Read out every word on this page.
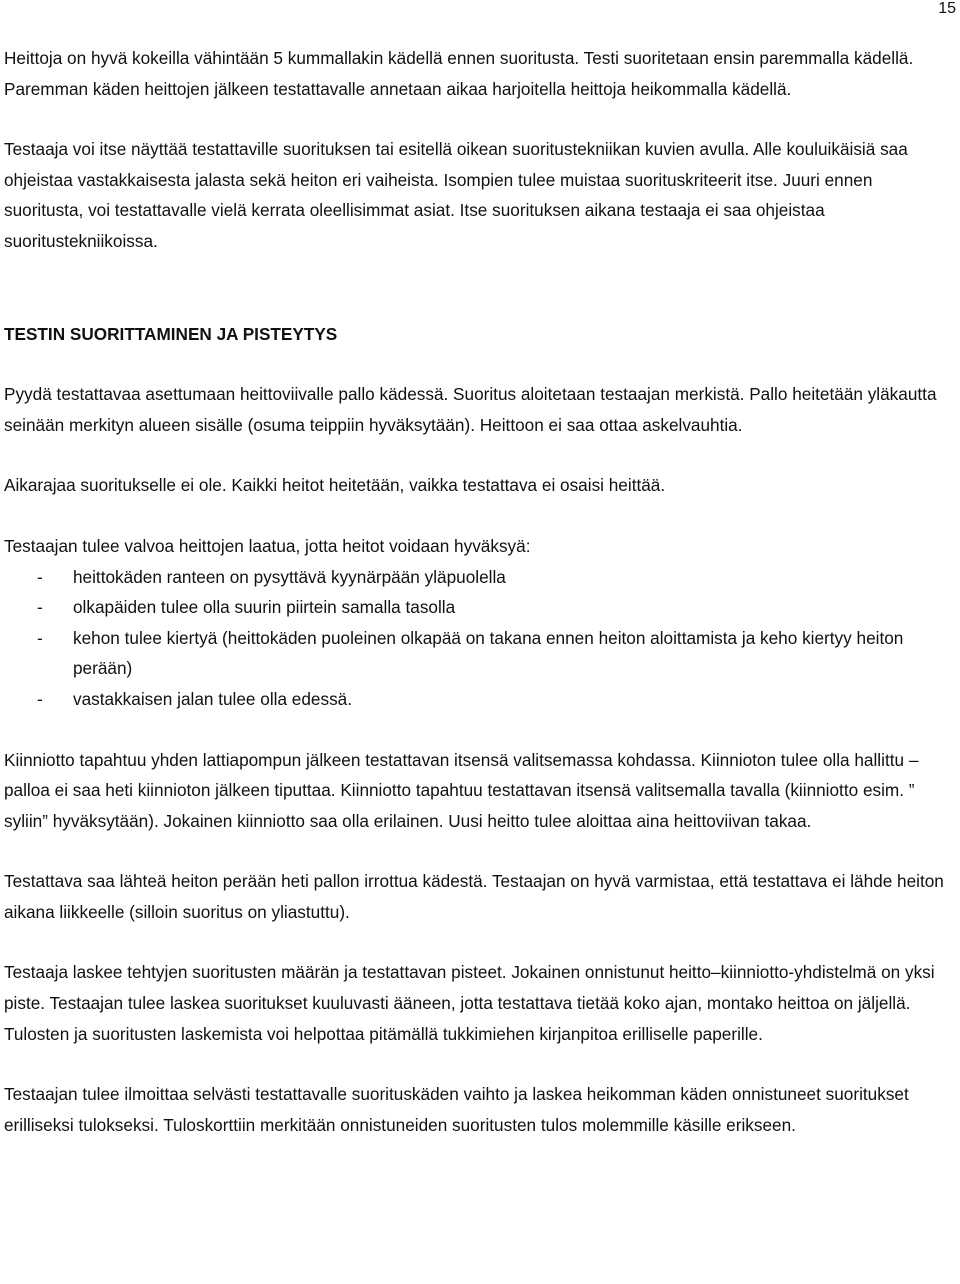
15

Heittoja on hyvä kokeilla vähintään 5 kummallakin kädellä ennen suoritusta. Testi suoritetaan ensin paremmalla kädellä. Paremman käden heittojen jälkeen testattavalle annetaan aikaa harjoitella heittoja heikommalla kädellä.

Testaaja voi itse näyttää testattaville suorituksen tai esitellä oikean suoritustekniikan kuvien avulla. Alle kouluikäisiä saa ohjeistaa vastakkaisesta jalasta sekä heiton eri vaiheista. Isompien tulee muistaa suorituskriteerit itse. Juuri ennen suoritusta, voi testattavalle vielä kerrata oleellisimmat asiat. Itse suorituksen aikana testaaja ei saa ohjeistaa suoritustekniikoissa.

TESTIN SUORITTAMINEN JA PISTEYTYS

Pyydä testattavaa asettumaan heittoviivalle pallo kädessä. Suoritus aloitetaan testaajan merkistä. Pallo heitetään yläkautta seinään merkityn alueen sisälle (osuma teippiin hyväksytään). Heittoon ei saa ottaa askelvauhtia.

Aikarajaa suoritukselle ei ole. Kaikki heitot heitetään, vaikka testattava ei osaisi heittää.

Testaajan tulee valvoa heittojen laatua, jotta heitot voidaan hyväksyä:

- heittokäden ranteen on pysyttävä kyynärpään yläpuolella
- olkapäiden tulee olla suurin piirtein samalla tasolla
- kehon tulee kiertyä (heittokäden puoleinen olkapää on takana ennen heiton aloittamista ja keho kiertyy heiton perään)
- vastakkaisen jalan tulee olla edessä.

Kiinniotto tapahtuu yhden lattiapompun jälkeen testattavan itsensä valitsemassa kohdassa. Kiinnioton tulee olla hallittu – palloa ei saa heti kiinnioton jälkeen tiputtaa. Kiinniotto tapahtuu testattavan itsensä valitsemalla tavalla (kiinniotto esim. ” syliin” hyväksytään). Jokainen kiinniotto saa olla erilainen. Uusi heitto tulee aloittaa aina heittoviivan takaa.

Testattava saa lähteä heiton perään heti pallon irrottua kädestä. Testaajan on hyvä varmistaa, että testattava ei lähde heiton aikana liikkeelle (silloin suoritus on yliastuttu).

Testaaja laskee tehtyjen suoritusten määrän ja testattavan pisteet. Jokainen onnistunut heitto–kiinniotto-yhdistelmä on yksi piste. Testaajan tulee laskea suoritukset kuuluvasti ääneen, jotta testattava tietää koko ajan, montako heittoa on jäljellä. Tulosten ja suoritusten laskemista voi helpottaa pitämällä tukkimiehen kirjanpitoa erilliselle paperille.

Testaajan tulee ilmoittaa selvästi testattavalle suorituskäden vaihto ja laskea heikomman käden onnistuneet suoritukset erilliseksi tulokseksi. Tuloskorttiin merkitään onnistuneiden suoritusten tulos molemmille käsille erikseen.
